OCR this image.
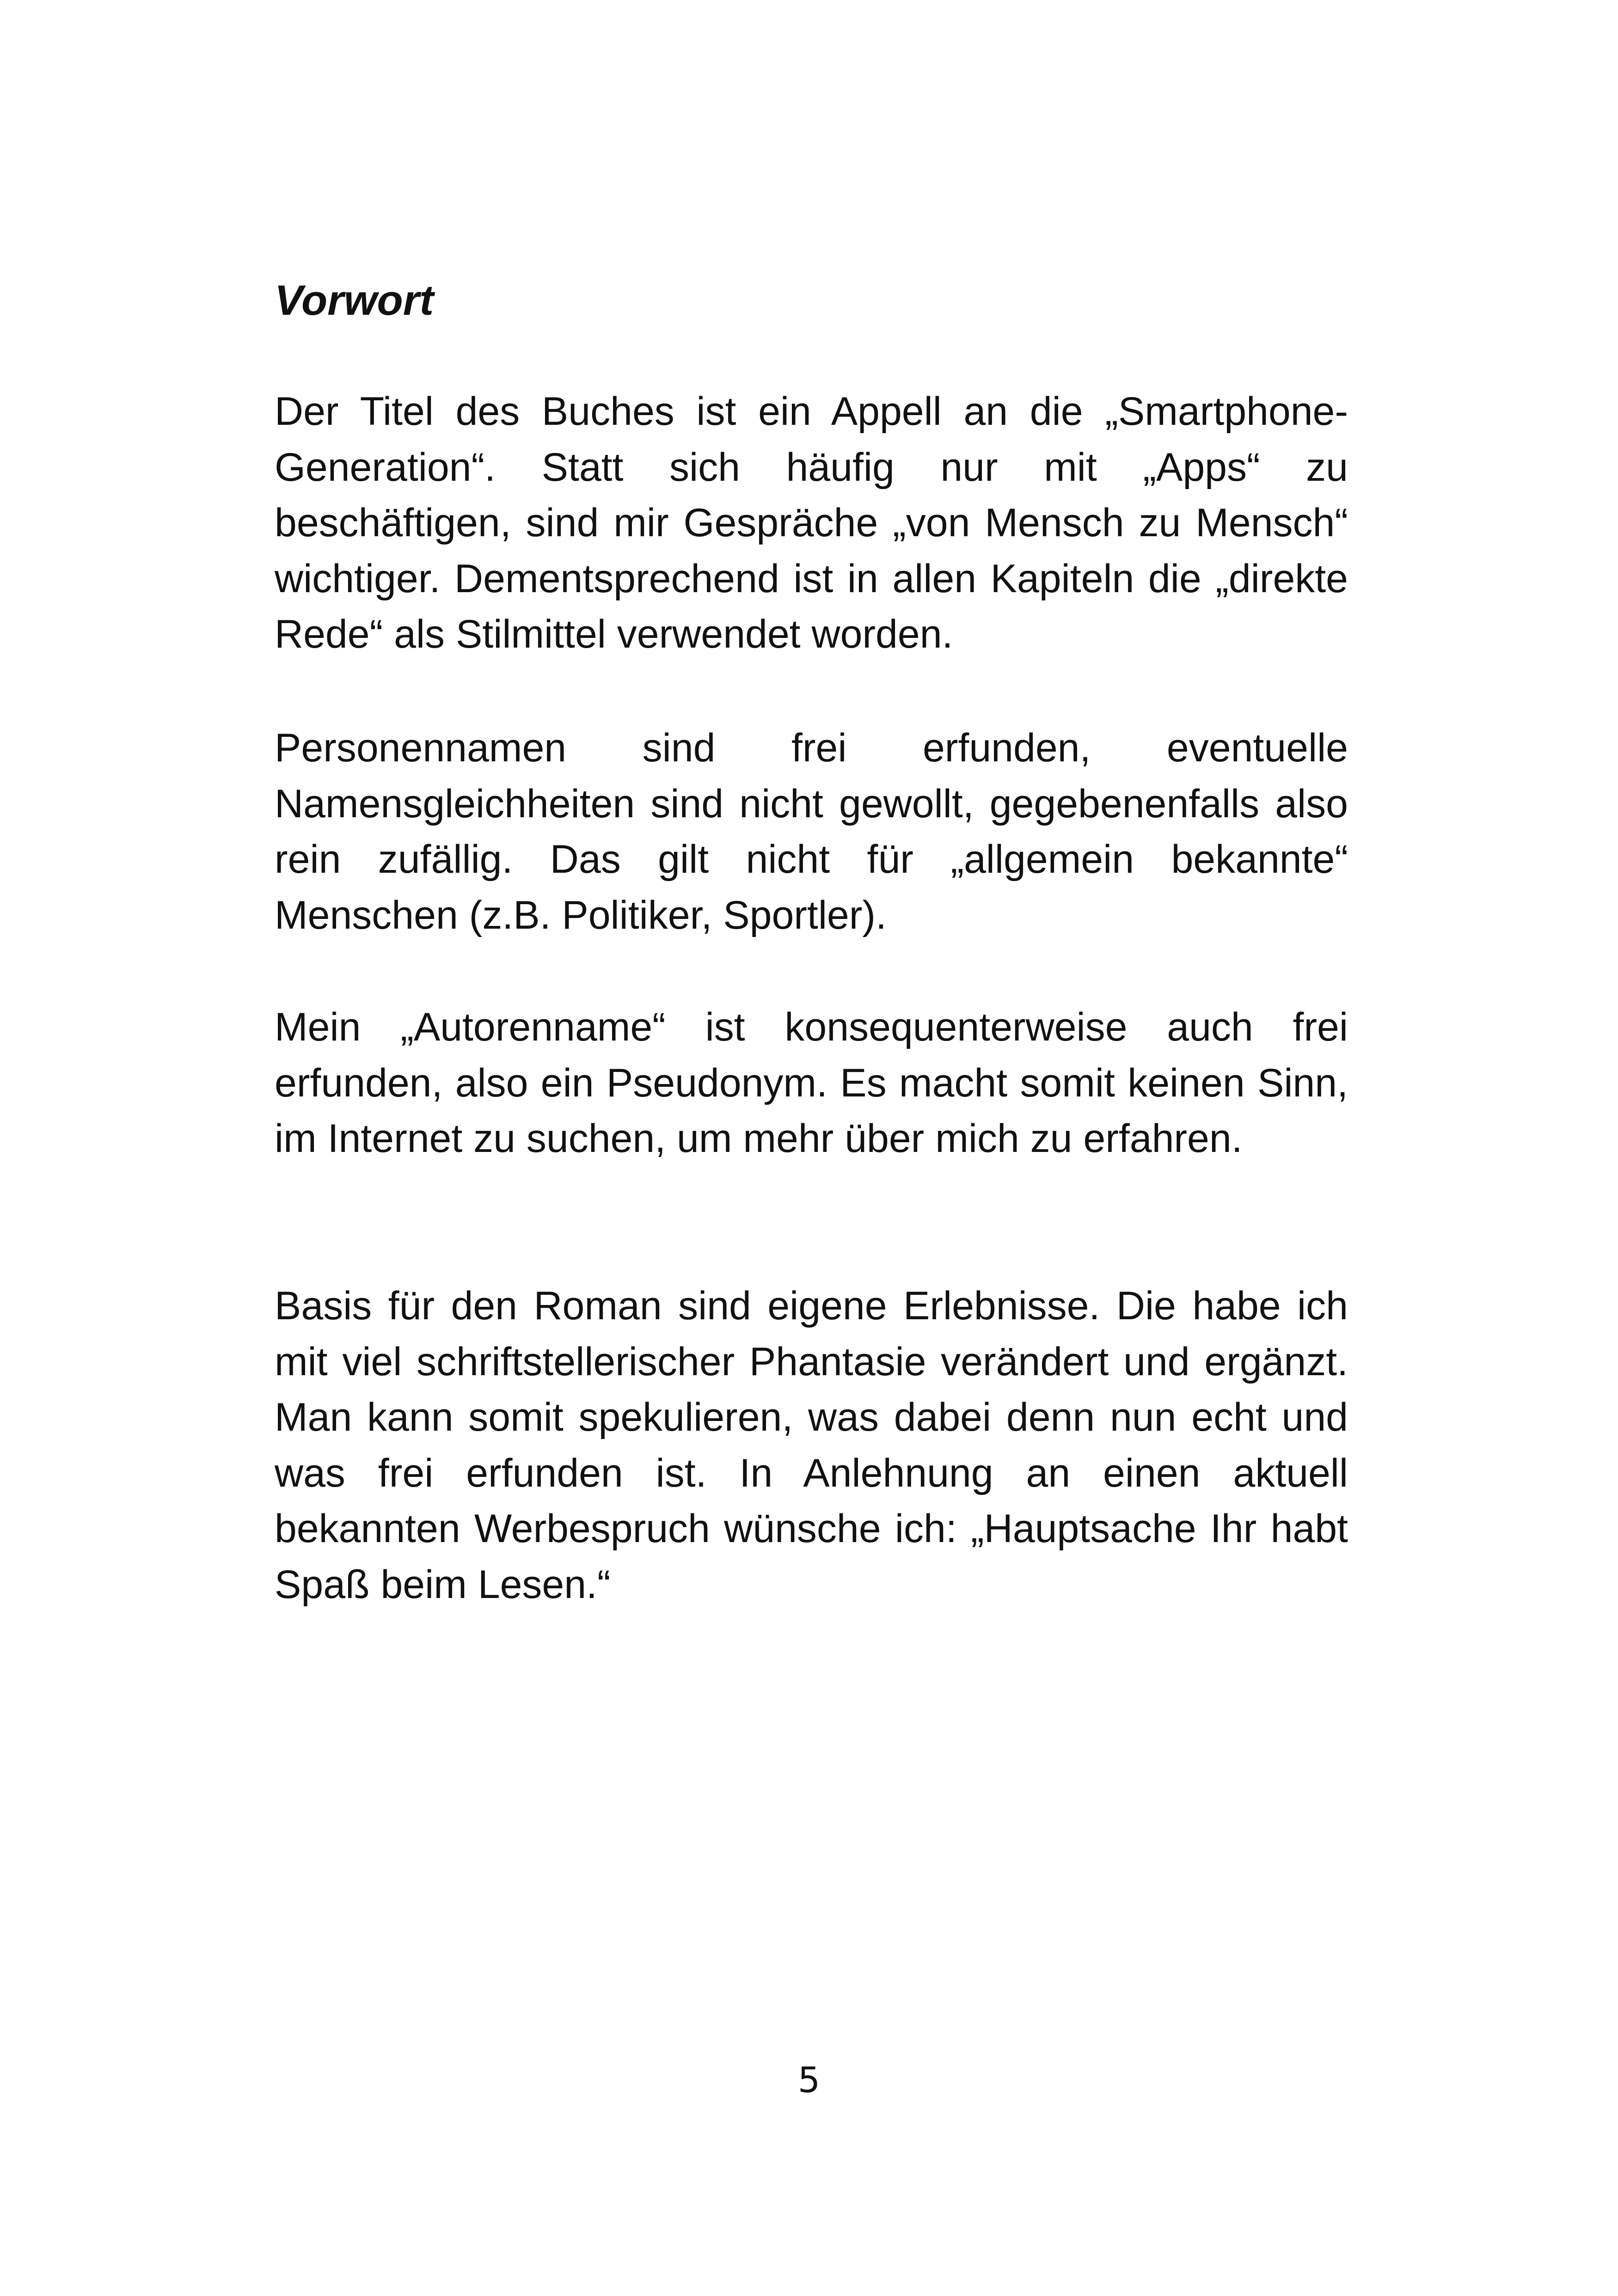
Vorwort

Der Titel des Buches ist ein Appell an die „Smartphone-Generation“. Statt sich häufig nur mit „Apps“ zu beschäftigen, sind mir Gespräche „von Mensch zu Mensch“ wichtiger. Dementsprechend ist in allen Kapiteln die „direkte Rede“ als Stilmittel verwendet worden.

Personennamen sind frei erfunden, eventuelle Namensgleichheiten sind nicht gewollt, gegebenenfalls also rein zufällig. Das gilt nicht für „allgemein bekannte“ Menschen (z.B. Politiker, Sportler).

Mein „Autorenname“ ist konsequenterweise auch frei erfunden, also ein Pseudonym. Es macht somit keinen Sinn, im Internet zu suchen, um mehr über mich zu erfahren.

Basis für den Roman sind eigene Erlebnisse. Die habe ich mit viel schriftstellerischer Phantasie verändert und ergänzt. Man kann somit spekulieren, was dabei denn nun echt und was frei erfunden ist. In Anlehnung an einen aktuell bekannten Werbespruch wünsche ich: „Hauptsache Ihr habt Spaß beim Lesen.“

5
